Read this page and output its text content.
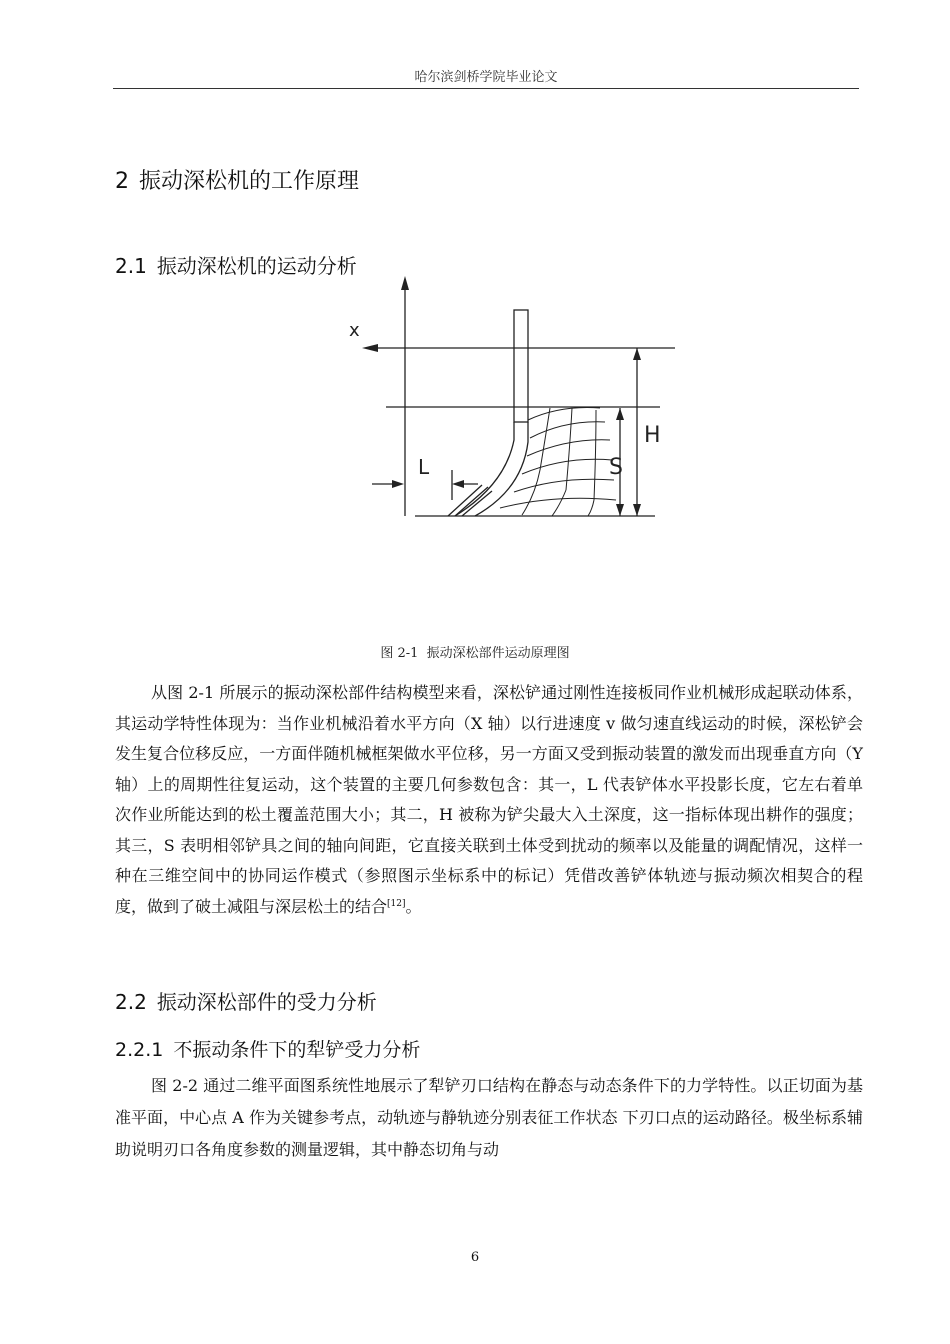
哈尔滨剑桥学院毕业论文
2 振动深松机的工作原理
2.1 振动深松机的运动分析
x
L
H
S
图 2-1 振动深松部件运动原理图

从图 2-1 所展示的振动深松部件结构模型来看，深松铲通过刚性连接板同作业机械形成起联动体系，其运动学特性体现为：当作业机械沿着水平方向（X 轴）以行进速度 v 做匀速直线运动的时候，深松铲会发生复合位移反应，一方面伴随机械框架做水平位移，另一方面又受到振动装置的激发而出现垂直方向（Y 轴）上的周期性往复运动，这个装置的主要几何参数包含：其一，L 代表铲体水平投影长度，它左右着单次作业所能达到的松土覆盖范围大小；其二，H 被称为铲尖最大入土深度，这一指标体现出耕作的强度；其三，S 表明相邻铲具之间的轴向间距，它直接关联到土体受到扰动的频率以及能量的调配情况，这样一种在三维空间中的协同运作模式（参照图示坐标系中的标记）凭借改善铲体轨迹与振动频次相契合的程度，做到了破土减阻与深层松土的结合[12]。

2.2 振动深松部件的受力分析
2.2.1 不振动条件下的犁铲受力分析

图 2-2 通过二维平面图系统性地展示了犁铲刃口结构在静态与动态条件下的力学特性。以正切面为基准平面，中心点 A 作为关键参考点，动轨迹与静轨迹分别表征工作状态 下刃口点的运动路径。极坐标系辅助说明刃口各角度参数的测量逻辑，其中静态切角与动

6
